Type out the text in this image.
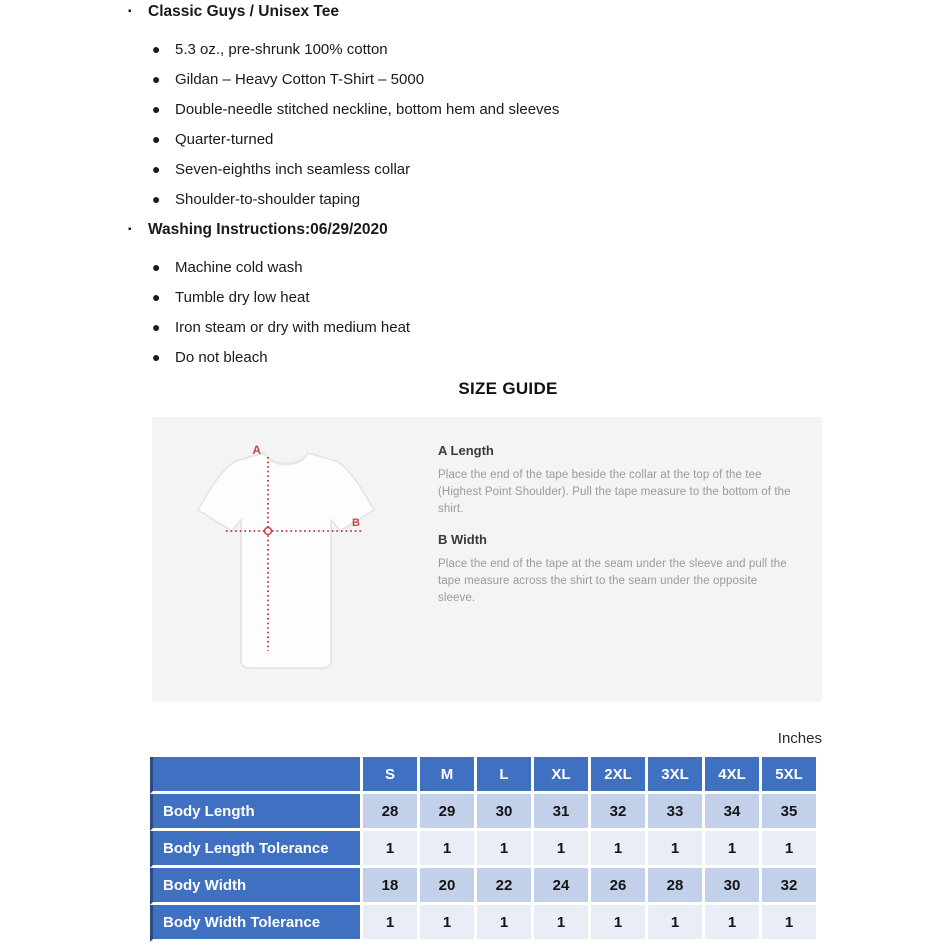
▪	Classic Guys / Unisex Tee
● 5.3 oz., pre-shrunk 100% cotton
● Gildan – Heavy Cotton T-Shirt – 5000
● Double-needle stitched neckline, bottom hem and sleeves
● Quarter-turned
● Seven-eighths inch seamless collar
● Shoulder-to-shoulder taping
▪	Washing Instructions:06/29/2020
● Machine cold wash
● Tumble dry low heat
● Iron steam or dry with medium heat
● Do not bleach
SIZE GUIDE
A
B

A Length

Place the end of the tape beside the collar at the top of the tee (Highest Point Shoulder). Pull the tape measure to the bottom of the shirt.

B Width

Place the end of the tape at the seam under the sleeve and pull the tape measure across the shirt to the seam under the opposite sleeve.

Inches
	S	M	L	XL	2XL	3XL	4XL	5XL
Body Length	28	29	30	31	32	33	34	35
Body Length Tolerance	1	1	1	1	1	1	1	1
Body Width	18	20	22	24	26	28	30	32
Body Width Tolerance	1	1	1	1	1	1	1	1
